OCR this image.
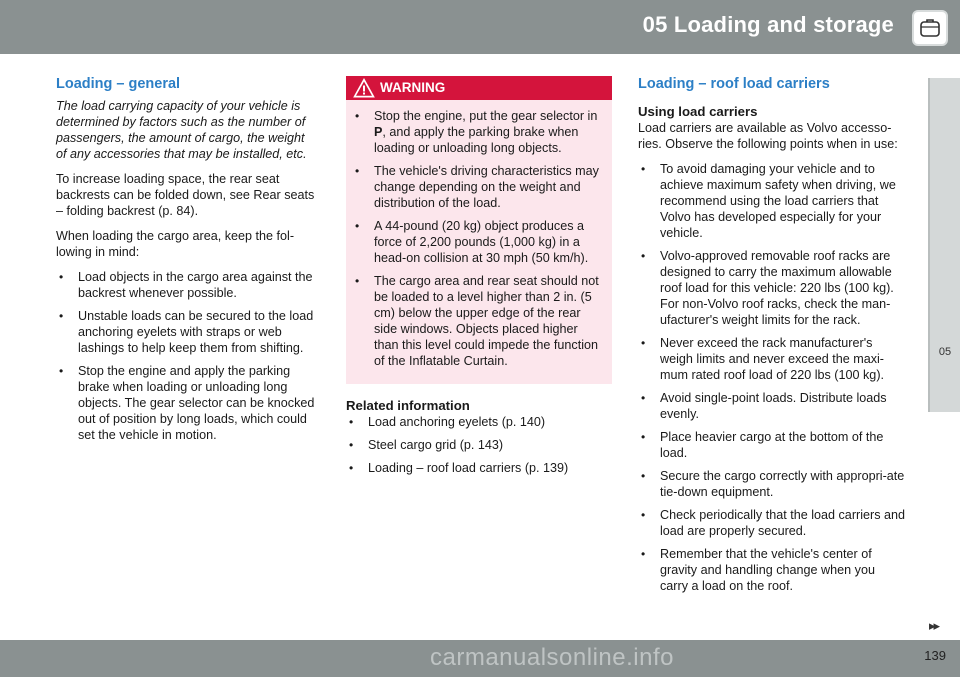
05 Loading and storage
05
Loading – general

The load carrying capacity of your vehicle is determined by factors such as the number of passengers, the amount of cargo, the weight of any accessories that may be installed, etc.

To increase loading space, the rear seat backrests can be folded down, see Rear seats – folding backrest (p. 84).

When loading the cargo area, keep the fol-lowing in mind:

• Load objects in the cargo area against the backrest whenever possible.
• Unstable loads can be secured to the load anchoring eyelets with straps or web lashings to help keep them from shifting.
• Stop the engine and apply the parking brake when loading or unloading long objects. The gear selector can be knocked out of position by long loads, which could set the vehicle in motion.
WARNING
• Stop the engine, put the gear selector in P, and apply the parking brake when loading or unloading long objects.
• The vehicle's driving characteristics may change depending on the weight and distribution of the load.
• A 44-pound (20 kg) object produces a force of 2,200 pounds (1,000 kg) in a head-on collision at 30 mph (50 km/h).
• The cargo area and rear seat should not be loaded to a level higher than 2 in. (5 cm) below the upper edge of the rear side windows. Objects placed higher than this level could impede the function of the Inflatable Curtain.
Related information
• Load anchoring eyelets (p. 140)
• Steel cargo grid (p. 143)
• Loading – roof load carriers (p. 139)
Loading – roof load carriers
Using load carriers

Load carriers are available as Volvo accesso-ries. Observe the following points when in use:

• To avoid damaging your vehicle and to achieve maximum safety when driving, we recommend using the load carriers that Volvo has developed especially for your vehicle.
• Volvo-approved removable roof racks are designed to carry the maximum allowable roof load for this vehicle: 220 lbs (100 kg). For non-Volvo roof racks, check the man-ufacturer's weight limits for the rack.
• Never exceed the rack manufacturer's weigh limits and never exceed the maxi-mum rated roof load of 220 lbs (100 kg).
• Avoid single-point loads. Distribute loads evenly.
• Place heavier cargo at the bottom of the load.
• Secure the cargo correctly with appropri-ate tie-down equipment.
• Check periodically that the load carriers and load are properly secured.
• Remember that the vehicle's center of gravity and handling change when you carry a load on the roof.
▸▸
carmanualsonline.info	139
